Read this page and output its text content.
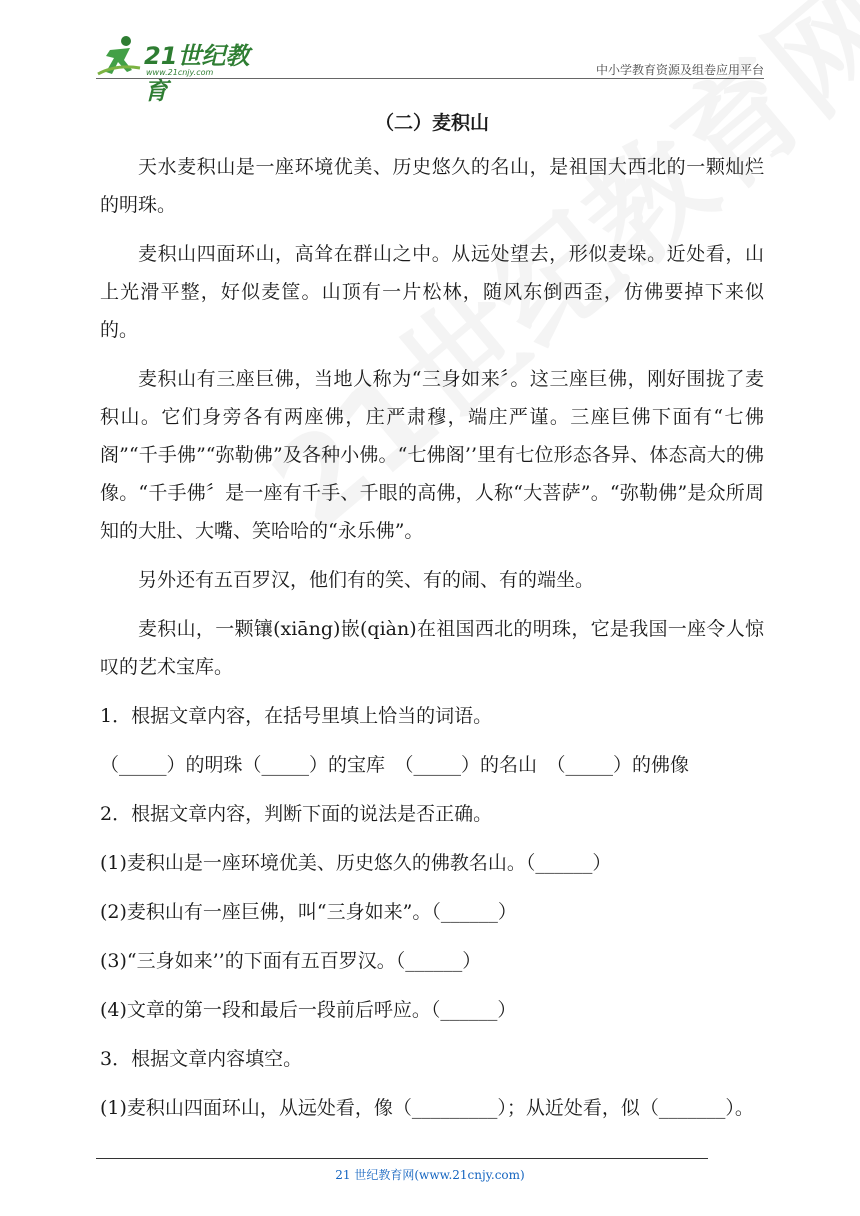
21世纪教育
www.21cnjy.com	中小学教育资源及组卷应用平台

（二）麦积山

天水麦积山是一座环境优美、历史悠久的名山，是祖国大西北的一颗灿烂的明珠。

麦积山四面环山，高耸在群山之中。从远处望去，形似麦垛。近处看，山上光滑平整，好似麦筐。山顶有一片松林，随风东倒西歪，仿佛要掉下来似的。

麦积山有三座巨佛，当地人称为“三身如来〞。这三座巨佛，刚好围拢了麦积山。它们身旁各有两座佛，庄严肃穆，端庄严谨。三座巨佛下面有“七佛阁”“千手佛”“弥勒佛”及各种小佛。“七佛阁’’里有七位形态各异、体态高大的佛像。“千手佛〞是一座有千手、千眼的高佛，人称“大菩萨”。“弥勒佛”是众所周知的大肚、大嘴、笑哈哈的“永乐佛”。

另外还有五百罗汉，他们有的笑、有的闹、有的端坐。

麦积山，一颗镶(xiāng)嵌(qiàn)在祖国西北的明珠，它是我国一座令人惊叹的艺术宝库。

1．根据文章内容，在括号里填上恰当的词语。

（_____）的明珠（_____）的宝库　（_____）的名山　（_____）的佛像

2．根据文章内容，判断下面的说法是否正确。

(1)麦积山是一座环境优美、历史悠久的佛教名山。（______）

(2)麦积山有一座巨佛，叫“三身如来”。（______）

(3)“三身如来’’的下面有五百罗汉。（______）

(4)文章的第一段和最后一段前后呼应。（______）

3．根据文章内容填空。

(1)麦积山四面环山，从远处看，像（_________）；从近处看，似（_______）。

21 世纪教育网(www.21cnjy.com)
